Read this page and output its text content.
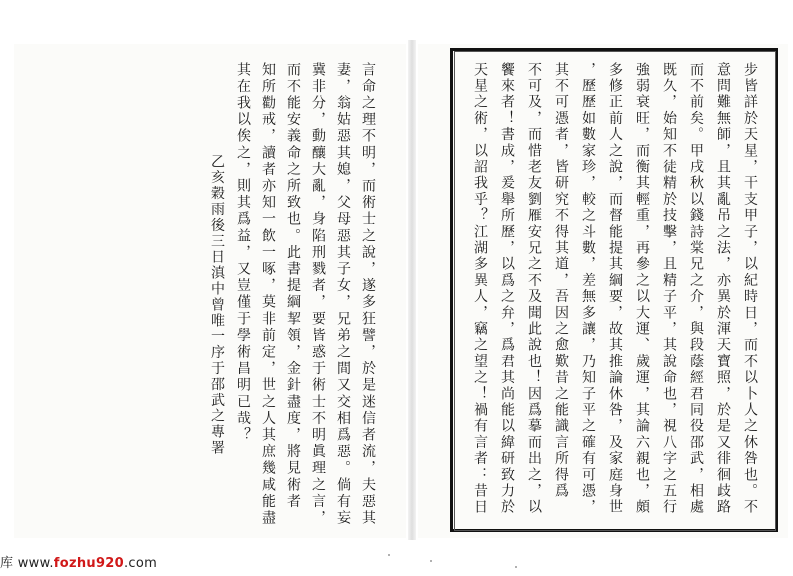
言命之理不明，而術士之說，遂多狂譬，於是迷信者流，夫惡其
妻，翁姑惡其媳，父母惡其子女，兄弟之間又交相爲惡。倘有妄
冀非分，動釀大亂，身陷刑戮者，要皆惑于術士不明眞理之言，
而不能安義命之所致也。此書提綱挈領，金針盡度，將見術者
知所勸戒，讀者亦知一飲一啄，莫非前定，世之人其庶幾咸能盡
其在我以俟之，則其爲益，又豈僅于學術昌明已哉？
乙亥穀雨後三日滇中曾唯一序于邵武之專署	步皆詳於天星，干支甲子，以紀時日，而不以卜人之休咎也。不
意問難無師，且其亂吊之法，亦異於渾天寶照，於是又徘徊歧路
而不前矣。甲戌秋以錢詩棠兄之介，與段蔭經君同役邵武，相處
既久，始知不徒精於技擊，且精子平，其說命也，視八字之五行
強弱衰旺，而衡其輕重，再參之以大運、歲運，其論六親也，頗
多修正前人之說，而督能提其綱要，故其推論休咎，及家庭身世
，歷歷如數家珍，較之斗數，差無多讓，乃知子平之確有可憑，
其不可憑者，皆研究不得其道，吾因之愈歎昔之能識言所得爲
不可及，而惜老友劉雁安兄之不及聞此說也！因爲摹而出之，以
饗來者！書成，爰舉所歷，以爲之弁，爲君其尚能以緯研致力於
天星之術，以詔我乎？江湖多異人，竊之望之！禍有言者：昔日
库 www.fozhu920.com
